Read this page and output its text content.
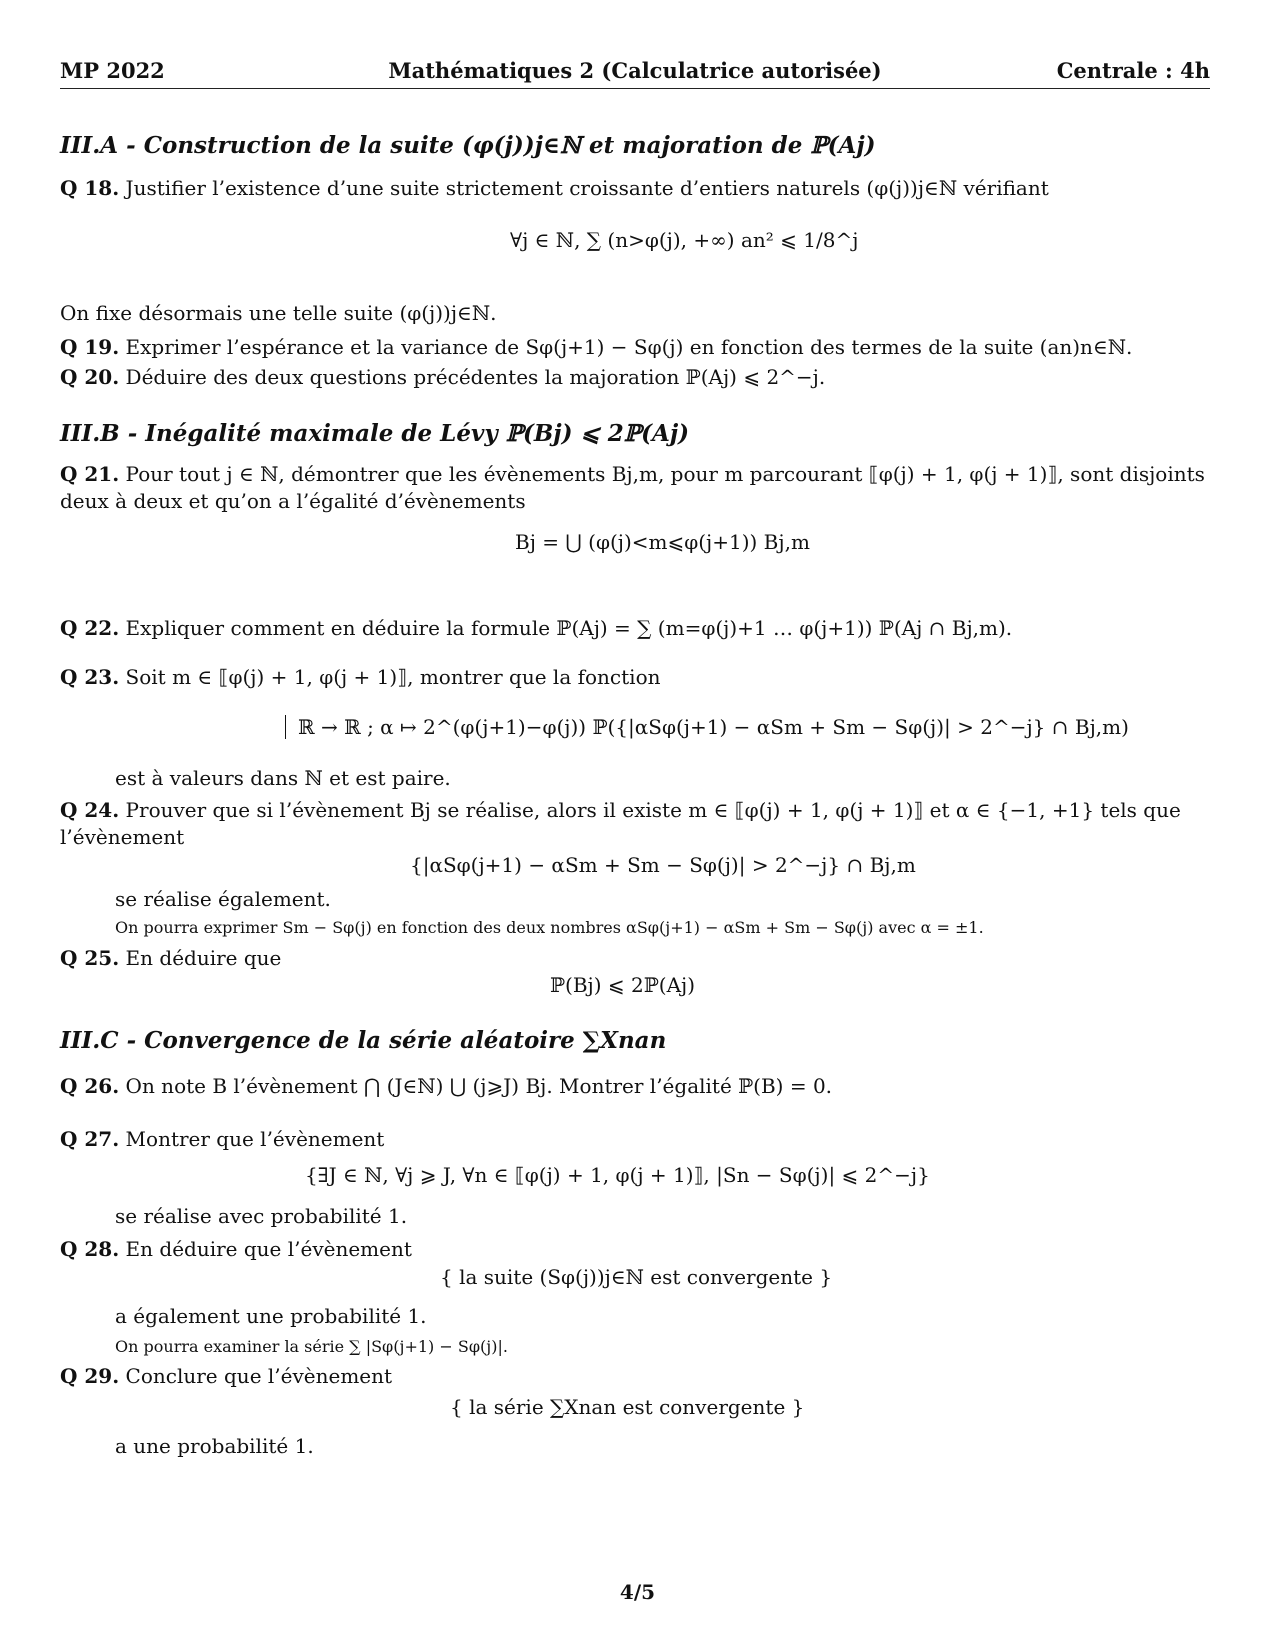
MP 2022	Mathématiques 2 (Calculatrice autorisée)	Centrale : 4h
III.A - Construction de la suite (φ(j))j∈ℕ et majoration de ℙ(Aj)
Q 18. Justifier l’existence d’une suite strictement croissante d’entiers naturels (φ(j))j∈ℕ vérifiant
∀j ∈ ℕ, ∑ (n>φ(j), +∞) an² ⩽ 1/8^j
On fixe désormais une telle suite (φ(j))j∈ℕ.
Q 19. Exprimer l’espérance et la variance de Sφ(j+1) − Sφ(j) en fonction des termes de la suite (an)n∈ℕ.
Q 20. Déduire des deux questions précédentes la majoration ℙ(Aj) ⩽ 2^−j.
III.B - Inégalité maximale de Lévy ℙ(Bj) ⩽ 2ℙ(Aj)
Q 21. Pour tout j ∈ ℕ, démontrer que les évènements Bj,m, pour m parcourant ⟦φ(j) + 1, φ(j + 1)⟧, sont disjoints deux à deux et qu’on a l’égalité d’évènements
Bj = ⋃ (φ(j)<m⩽φ(j+1)) Bj,m
Q 22. Expliquer comment en déduire la formule ℙ(Aj) = ∑ (m=φ(j)+1 … φ(j+1)) ℙ(Aj ∩ Bj,m).
Q 23. Soit m ∈ ⟦φ(j) + 1, φ(j + 1)⟧, montrer que la fonction
ℝ → ℝ ; α ↦ 2^(φ(j+1)−φ(j)) ℙ({|αSφ(j+1) − αSm + Sm − Sφ(j)| > 2^−j} ∩ Bj,m)
est à valeurs dans ℕ et est paire.
Q 24. Prouver que si l’évènement Bj se réalise, alors il existe m ∈ ⟦φ(j) + 1, φ(j + 1)⟧ et α ∈ {−1, +1} tels que l’évènement
{|αSφ(j+1) − αSm + Sm − Sφ(j)| > 2^−j} ∩ Bj,m
se réalise également.
On pourra exprimer Sm − Sφ(j) en fonction des deux nombres αSφ(j+1) − αSm + Sm − Sφ(j) avec α = ±1.
Q 25. En déduire que
ℙ(Bj) ⩽ 2ℙ(Aj)
III.C - Convergence de la série aléatoire ∑Xnan
Q 26. On note B l’évènement ⋂ (J∈ℕ) ⋃ (j⩾J) Bj. Montrer l’égalité ℙ(B) = 0.
Q 27. Montrer que l’évènement
{∃J ∈ ℕ, ∀j ⩾ J, ∀n ∈ ⟦φ(j) + 1, φ(j + 1)⟧, |Sn − Sφ(j)| ⩽ 2^−j}
se réalise avec probabilité 1.
Q 28. En déduire que l’évènement
{ la suite (Sφ(j))j∈ℕ est convergente }
a également une probabilité 1.
On pourra examiner la série ∑ |Sφ(j+1) − Sφ(j)|.
Q 29. Conclure que l’évènement
{ la série ∑Xnan est convergente }
a une probabilité 1.
4/5
